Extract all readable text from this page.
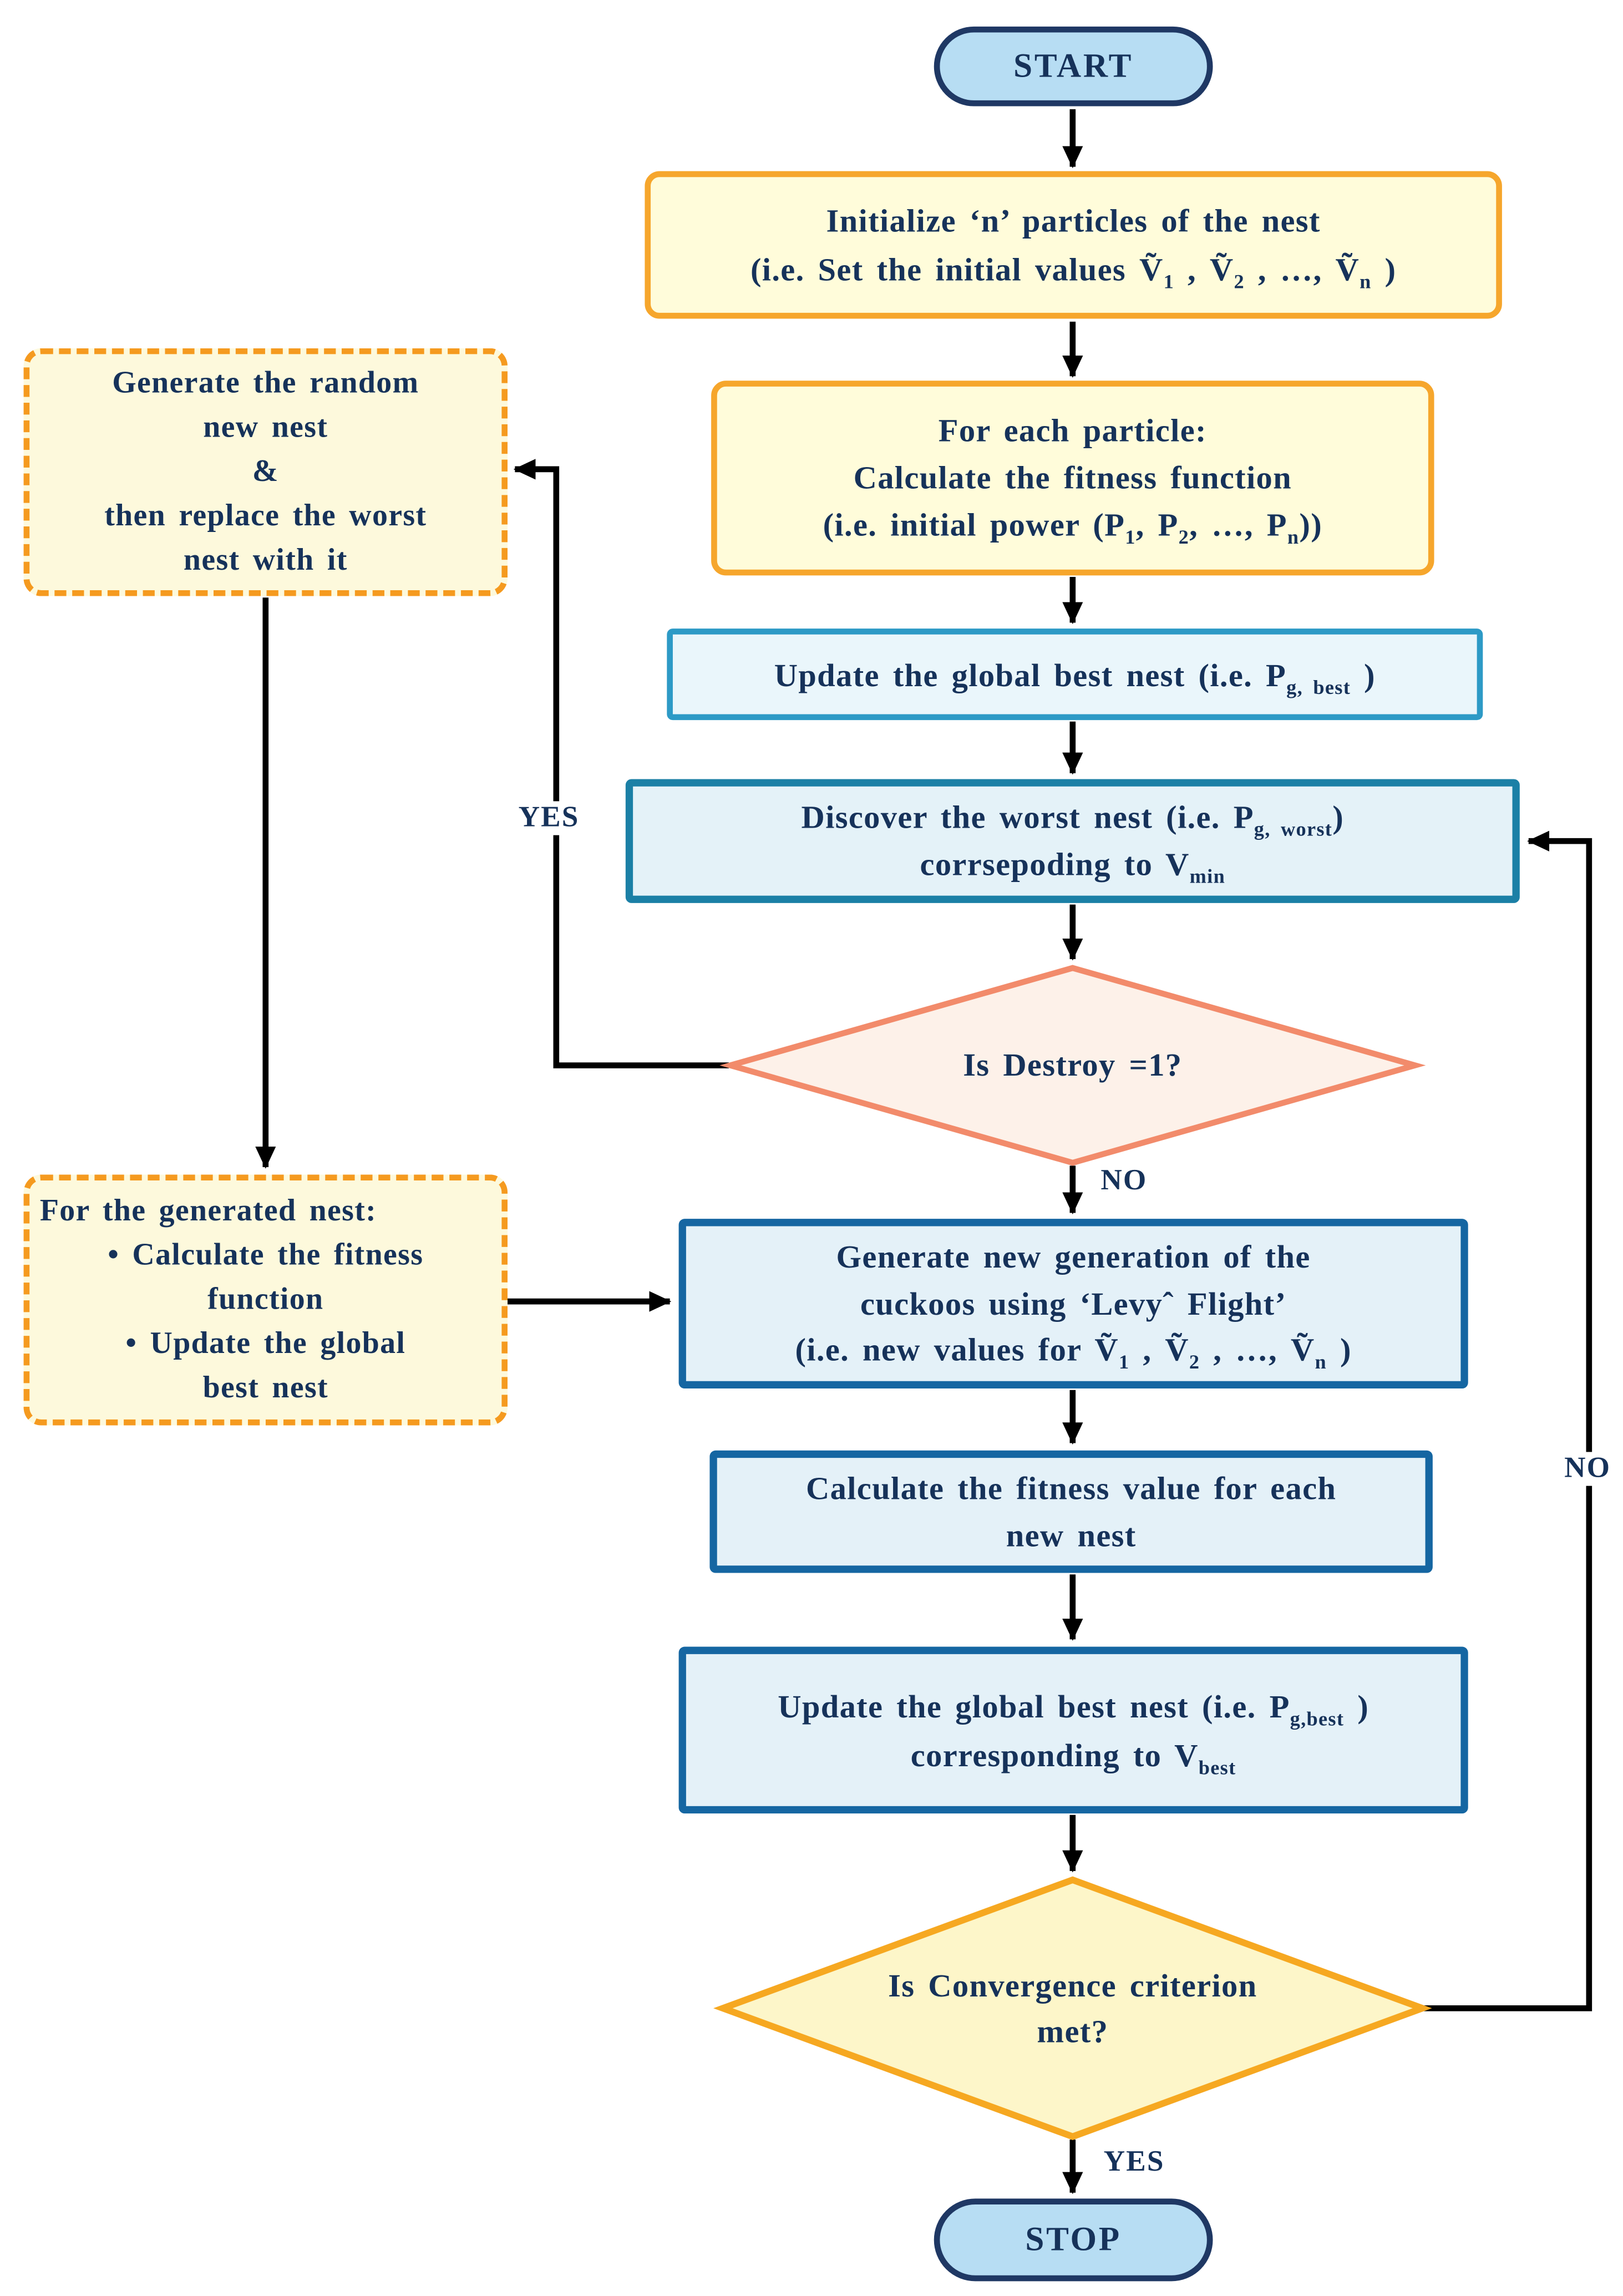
START
Initialize ‘n’ particles of the nest
(i.e. Set the initial values Ṽ$_1$ , Ṽ$_2$ , …, Ṽ$_n$ )
For each particle:
Calculate the fitness function
(i.e. initial power ($P_1$, $P_2$, …, $P_n$))
Update the global best nest (i.e. $P_{g, best}$ )
Discover the worst nest (i.e. $P_{g, worst}$)
corrsepoding to $V_{min}$
Is Destroy =1?
Generate the random
new nest
&
then replace the worst
nest with it
For the generated nest:
• Calculate the fitness
function
• Update the global
best nest
Generate new generation of the
cuckoos using ‘Levyˆ Flight’
(i.e. new values for Ṽ$_1$ , Ṽ$_2$ , …, Ṽ$_n$ )
Calculate the fitness value for each
new nest
Update the global best nest (i.e. $P_{g,best}$ )
corresponding to $V_{best}$
Is Convergence criterion
met?
STOP
YES
NO
NO
YES
